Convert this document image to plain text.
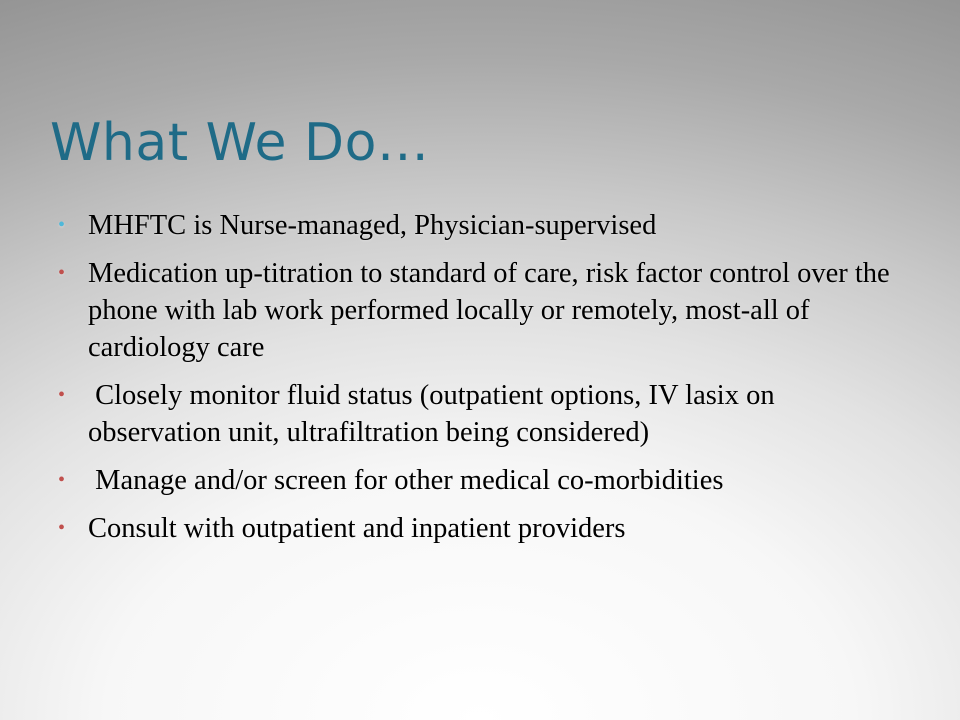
What We Do…
• MHFTC is Nurse-managed, Physician-supervised
• Medication up-titration to standard of care, risk factor control over the phone with lab work performed locally or remotely, most-all of cardiology care
• Closely monitor fluid status (outpatient options, IV lasix on observation unit, ultrafiltration being considered)
• Manage and/or screen for other medical co-morbidities
• Consult with outpatient and inpatient providers
